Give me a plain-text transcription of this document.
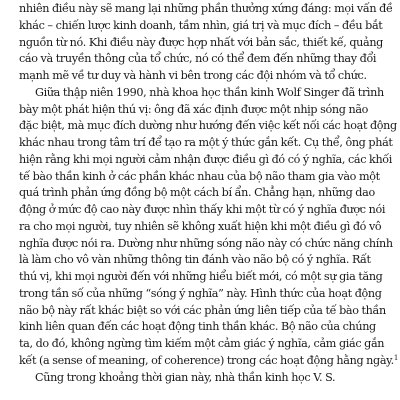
nhiên điều này sẽ mang lại những phần thưởng xứng đáng: mọi vấn đề
khác – chiến lược kinh doanh, tầm nhìn, giá trị và mục đích – đều bắt
nguồn từ nó. Khi điều này được hợp nhất với bản sắc, thiết kế, quảng
cáo và truyền thông của tổ chức, nó có thể đem đến những thay đổi
mạnh mẽ về tư duy và hành vi bên trong các đội nhóm và tổ chức.

Giữa thập niên 1990, nhà khoa học thần kinh Wolf Singer đã trình
bày một phát hiện thú vị: ông đã xác định được một nhịp sóng não
đặc biệt, mà mục đích dường như hướng đến việc kết nối các hoạt động
khác nhau trong tâm trí để tạo ra một ý thức gắn kết. Cụ thể, ông phát
hiện rằng khi mọi người cảm nhận được điều gì đó có ý nghĩa, các khối
tế bào thần kinh ở các phần khác nhau của bộ não tham gia vào một
quá trình phản ứng đồng bộ một cách bí ẩn. Chẳng hạn, những dao
động ở mức độ cao này được nhìn thấy khi một từ có ý nghĩa được nói
ra cho mọi người, tuy nhiên sẽ không xuất hiện khi một điều gì đó vô
nghĩa được nói ra. Dường như những sóng não này có chức năng chính
là làm cho vô vàn những thông tin đánh vào não bộ có ý nghĩa. Rất
thú vị, khi mọi người đến với những hiểu biết mới, có một sự gia tăng
trong tần số của những “sóng ý nghĩa” này. Hình thức của hoạt động
não bộ này rất khác biệt so với các phản ứng liên tiếp của tế bào thần
kinh liên quan đến các hoạt động tinh thần khác. Bộ não của chúng
ta, do đó, không ngừng tìm kiếm một cảm giác ý nghĩa, cảm giác gắn
kết (a sense of meaning, of coherence) trong các hoạt động hằng ngày.$^1$

Cũng trong khoảng thời gian này, nhà thần kinh học V. S.
